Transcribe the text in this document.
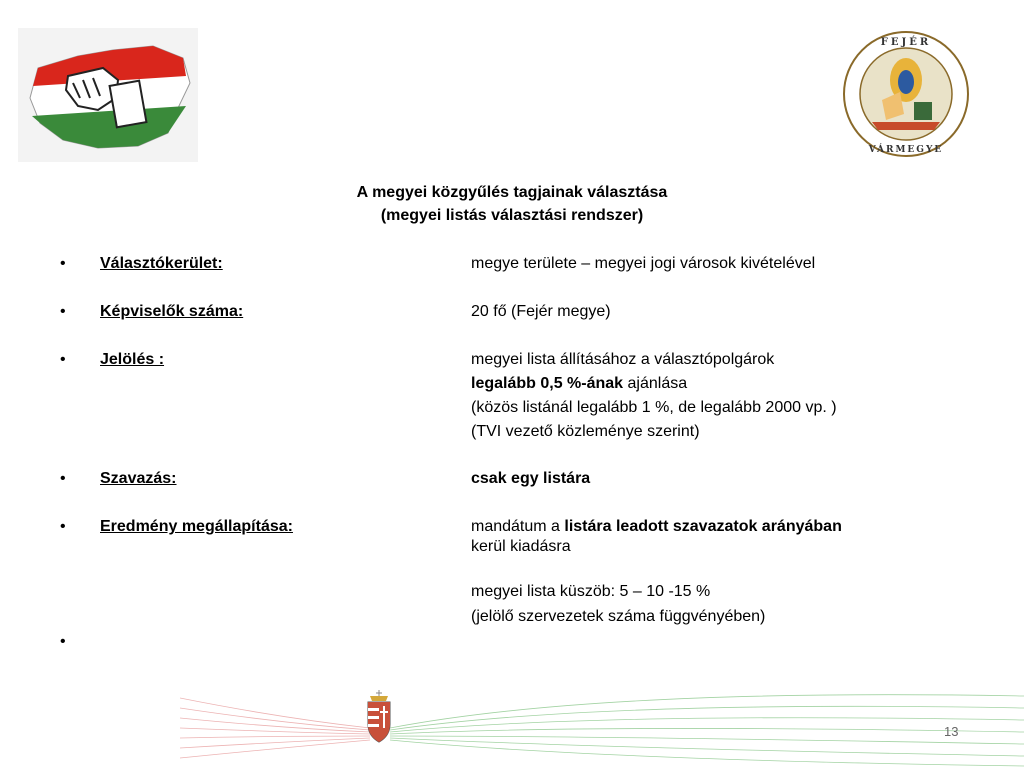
FEJÉR
VÁRMEGYE
A megyei közgyűlés tagjainak választása
(megyei listás választási rendszer)
• Választókerület:	megye területe – megyei jogi városok kivételével
• Képviselők száma:	20 fő (Fejér megye)
• Jelölés :	megyei lista állításához a választópolgárok
legalább 0,5 %-ának ajánlása
(közös listánál legalább 1 %, de legalább 2000 vp. )
(TVI vezető közleménye szerint)
• Szavazás:	csak egy listára
• Eredmény megállapítása:	mandátum a listára leadott szavazatok arányában
kerül kiadásra
megyei lista küszöb: 5 – 10 -15 %
(jelölő szervezetek száma függvényében)
•
13
